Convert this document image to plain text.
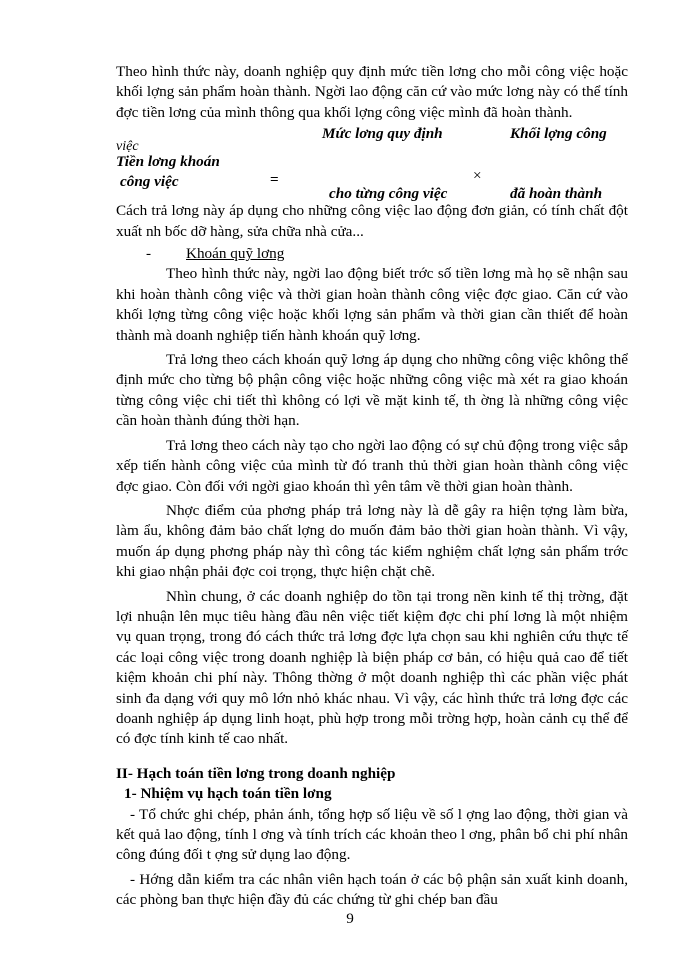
Theo hình thức này, doanh nghiệp quy định mức tiền lơng cho mỗi công việc hoặc khối lợng sản phẩm hoàn thành. Ngời lao động căn cứ vào mức lơng này có thể tính đợc tiền lơng của mình thông qua khối lợng công việc mình đã hoàn thành.

Mức lơng quy định	Khối lợng công
việc
Tiền lơng khoán
công việc	=	×
cho từng công việc	đã hoàn thành

Cách trả lơng này áp dụng cho những công việc lao động đơn giản, có tính chất đột xuất nh bốc dỡ hàng, sửa chữa nhà cửa...

- Khoán quỹ lơng

Theo hình thức này, ngời lao động biết trớc số tiền lơng mà họ sẽ nhận sau khi hoàn thành công việc và thời gian hoàn thành công việc đợc giao. Căn cứ vào khối lợng từng công việc hoặc khối lợng sản phẩm và thời gian cần thiết để hoàn thành mà doanh nghiệp tiến hành khoán quỹ lơng.

Trả lơng theo cách khoán quỹ lơng áp dụng cho những công việc không thể định mức cho từng bộ phận công việc hoặc những công việc mà xét ra giao khoán từng công việc chi tiết thì không có lợi về mặt kinh tế, th ờng là những công việc cần hoàn thành đúng thời hạn.

Trả lơng theo cách này tạo cho ngời lao động có sự chủ động trong việc sắp xếp tiến hành công việc của mình từ đó tranh thủ thời gian hoàn thành công việc đợc giao. Còn đối với ngời giao khoán thì yên tâm về thời gian hoàn thành.

Nhợc điểm của phơng pháp trả lơng này là dễ gây ra hiện tợng làm bừa, làm ẩu, không đảm bảo chất lợng do muốn đảm bảo thời gian hoàn thành. Vì vậy, muốn áp dụng phơng pháp này thì công tác kiểm nghiệm chất lợng sản phẩm trớc khi giao nhận phải đợc coi trọng, thực hiện chặt chẽ.

Nhìn chung, ở các doanh nghiệp do tồn tại trong nền kinh tế thị trờng, đặt lợi nhuận lên mục tiêu hàng đầu nên việc tiết kiệm đợc chi phí lơng là một nhiệm vụ quan trọng, trong đó cách thức trả lơng đợc lựa chọn sau khi nghiên cứu thực tế các loại công việc trong doanh nghiệp là biện pháp cơ bản, có hiệu quả cao để tiết kiệm khoản chi phí này. Thông thờng ở một doanh nghiệp thì các phần việc phát sinh đa dạng với quy mô lớn nhỏ khác nhau. Vì vậy, các hình thức trả lơng đợc các doanh nghiệp áp dụng linh hoạt, phù hợp trong mỗi trờng hợp, hoàn cảnh cụ thể để có đợc tính kinh tế cao nhất.

II- Hạch toán tiền lơng trong doanh nghiệp
1- Nhiệm vụ hạch toán tiền lơng

- Tổ chức ghi chép, phản ánh, tổng hợp số liệu về số l ợng lao động, thời gian và kết quả lao động, tính l ơng và tính trích các khoản theo l ơng, phân bổ chi phí nhân công đúng đối t ợng sử dụng lao động.

- Hớng dẫn kiểm tra các nhân viên hạch toán ở các bộ phận sản xuất kinh doanh, các phòng ban thực hiện đầy đủ các chứng từ ghi chép ban đầu

9
